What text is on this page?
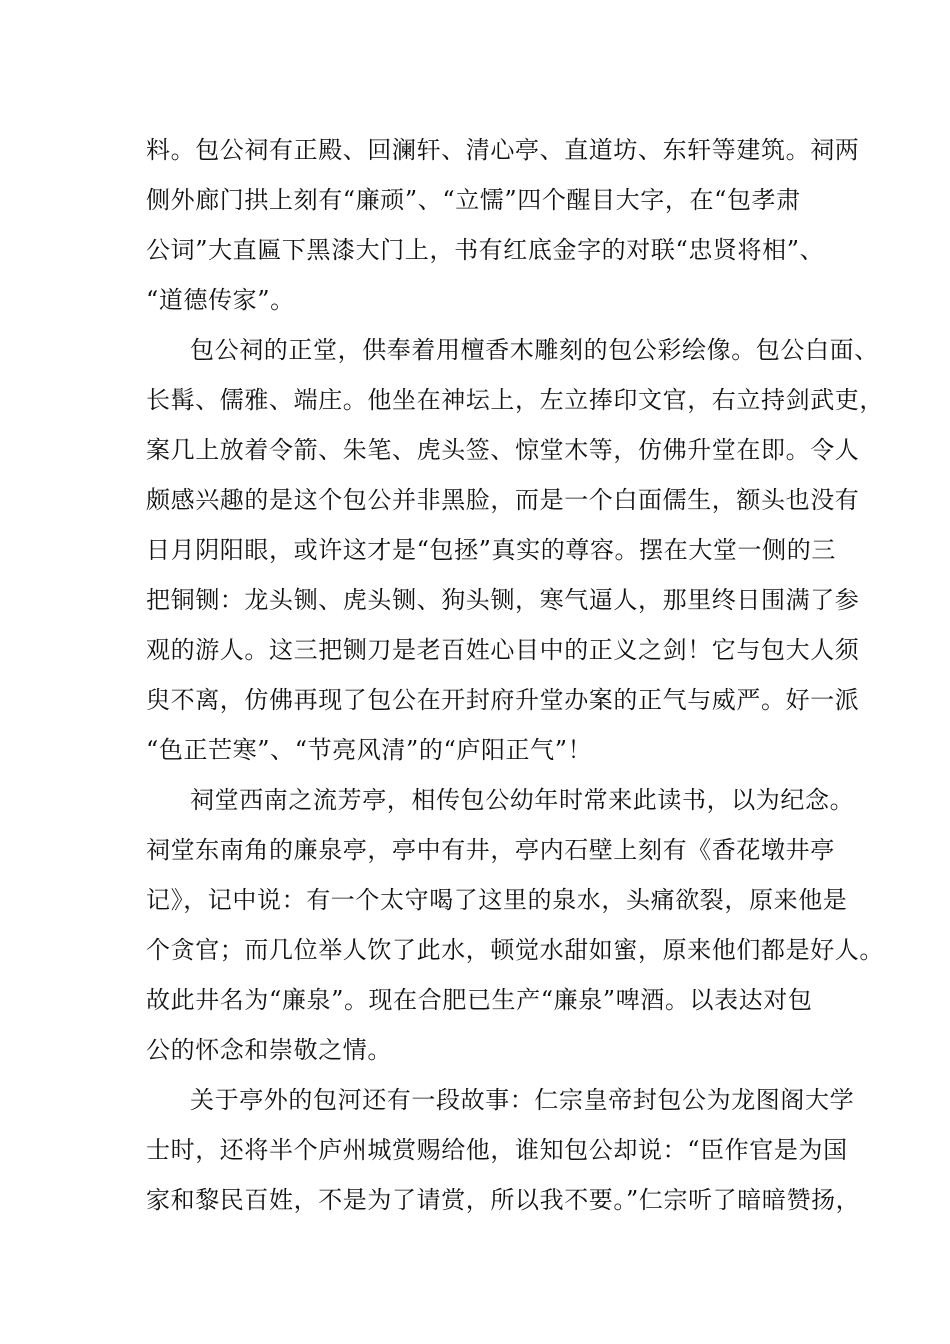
料。包公祠有正殿、回澜轩、清心亭、直道坊、东轩等建筑。祠两
侧外廊门拱上刻有“廉顽”、“立懦”四个醒目大字，在“包孝肃
公词”大直匾下黑漆大门上，书有红底金字的对联“忠贤将相”、
“道德传家”。
包公祠的正堂，供奉着用檀香木雕刻的包公彩绘像。包公白面、
长髯、儒雅、端庄。他坐在神坛上，左立捧印文官，右立持剑武吏，
案几上放着令箭、朱笔、虎头签、惊堂木等，仿佛升堂在即。令人
颇感兴趣的是这个包公并非黑脸，而是一个白面儒生，额头也没有
日月阴阳眼，或许这才是“包拯”真实的尊容。摆在大堂一侧的三
把铜铡：龙头铡、虎头铡、狗头铡，寒气逼人，那里终日围满了参
观的游人。这三把铡刀是老百姓心目中的正义之剑！它与包大人须
臾不离，仿佛再现了包公在开封府升堂办案的正气与威严。好一派
“色正芒寒”、“节亮风清”的“庐阳正气”！
祠堂西南之流芳亭，相传包公幼年时常来此读书，以为纪念。
祠堂东南角的廉泉亭，亭中有井，亭内石壁上刻有《香花墩井亭
记》，记中说：有一个太守喝了这里的泉水，头痛欲裂，原来他是
个贪官；而几位举人饮了此水，顿觉水甜如蜜，原来他们都是好人。
故此井名为“廉泉”。现在合肥已生产“廉泉”啤酒。以表达对包
公的怀念和崇敬之情。
关于亭外的包河还有一段故事：仁宗皇帝封包公为龙图阁大学
士时，还将半个庐州城赏赐给他，谁知包公却说：“臣作官是为国
家和黎民百姓，不是为了请赏，所以我不要。”仁宗听了暗暗赞扬，
